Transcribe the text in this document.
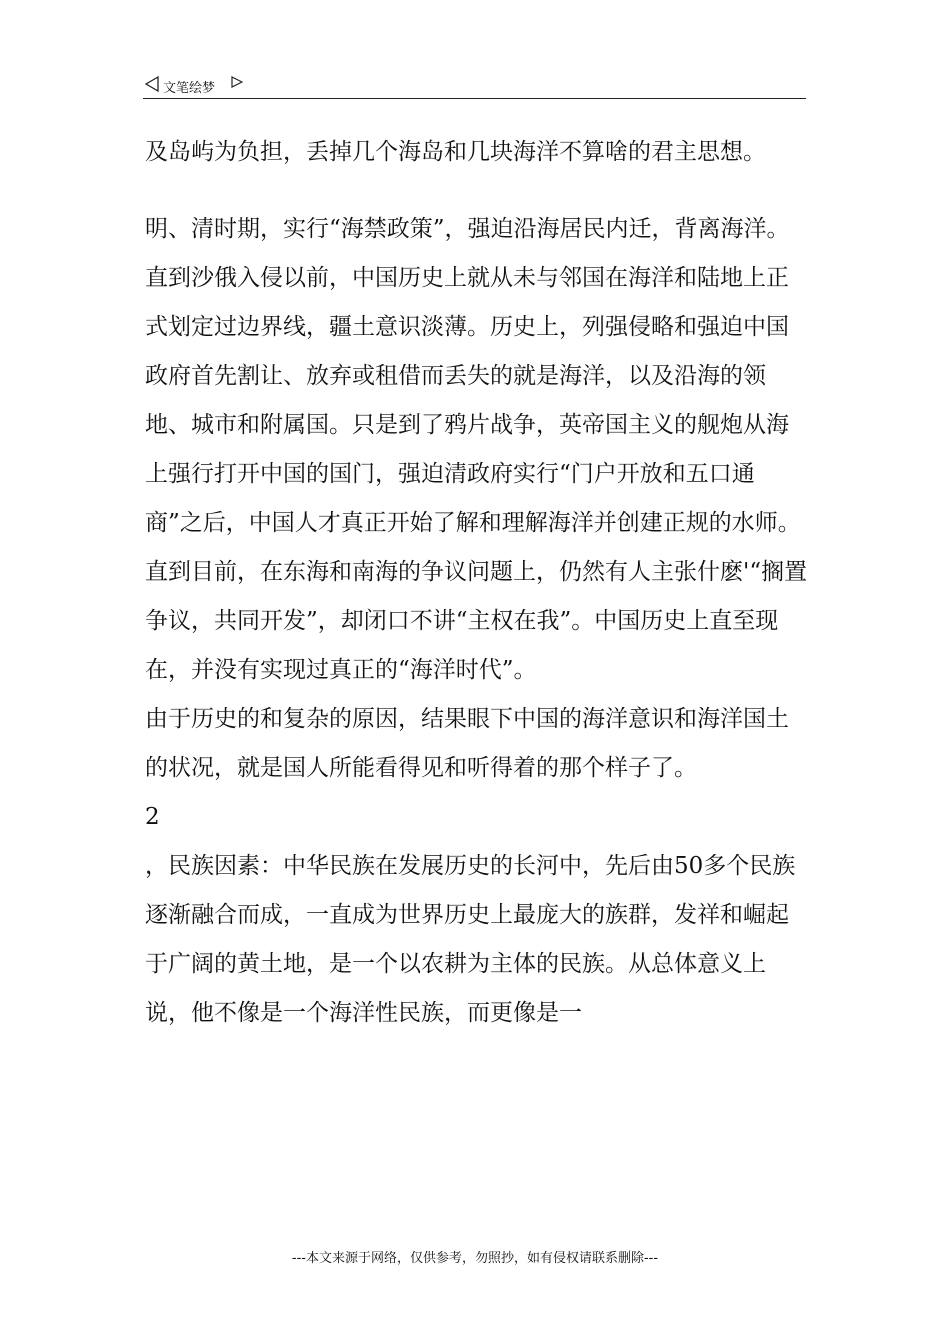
文笔绘梦

及岛屿为负担，丢掉几个海岛和几块海洋不算啥的君主思想。

明、清时期，实行“海禁政策”，强迫沿海居民内迁，背离海洋。直到沙俄入侵以前，中国历史上就从未与邻国在海洋和陆地上正式划定过边界线，疆土意识淡薄。历史上，列强侵略和强迫中国政府首先割让、放弃或租借而丢失的就是海洋，以及沿海的领地、城市和附属国。只是到了鸦片战争，英帝国主义的舰炮从海上强行打开中国的国门，强迫清政府实行“门户开放和五口通商”之后，中国人才真正开始了解和理解海洋并创建正规的水师。直到目前，在东海和南海的争议问题上，仍然有人主张什麽'“搁置争议，共同开发”，却闭口不讲“主权在我”。中国历史上直至现在，并没有实现过真正的“海洋时代”。

由于历史的和复杂的原因，结果眼下中国的海洋意识和海洋国土的状况，就是国人所能看得见和听得着的那个样子了。

2

，民族因素：中华民族在发展历史的长河中，先后由50多个民族逐渐融合而成，一直成为世界历史上最庞大的族群，发祥和崛起于广阔的黄土地，是一个以农耕为主体的民族。从总体意义上说，他不像是一个海洋性民族，而更像是一

---本文来源于网络，仅供参考，勿照抄，如有侵权请联系删除---
